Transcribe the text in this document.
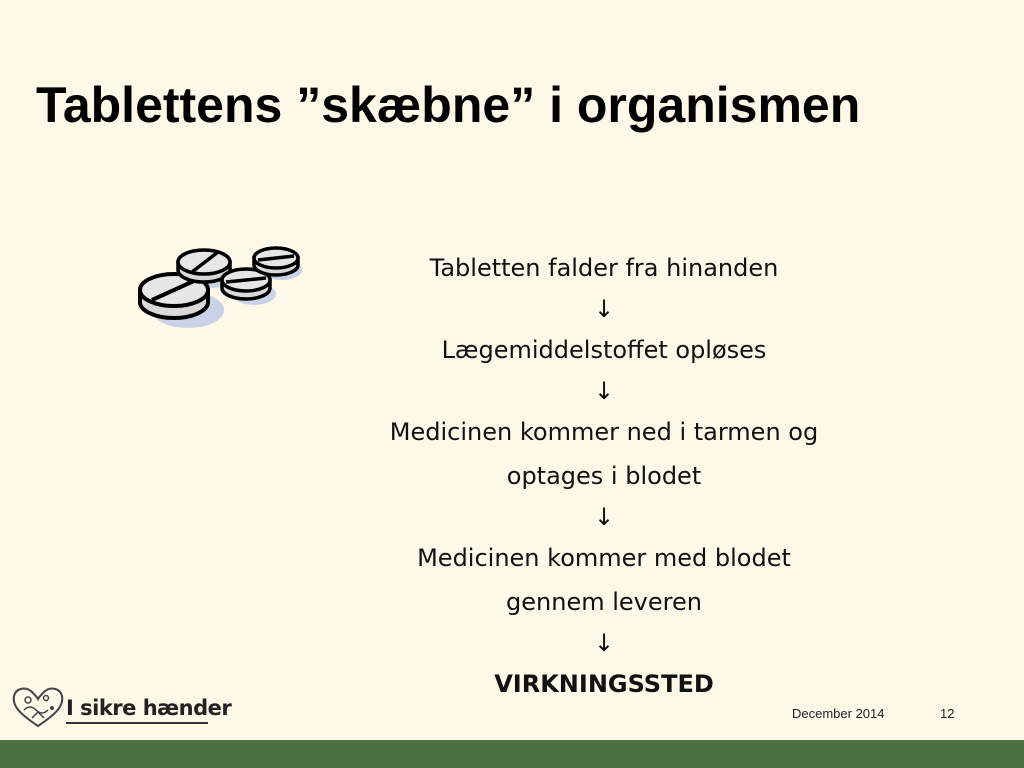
Tablettens ”skæbne” i organismen
Tabletten falder fra hinanden
↓
Lægemiddelstoffet opløses
↓
Medicinen kommer ned i tarmen og
optages i blodet
↓
Medicinen kommer med blodet
gennem leveren
↓
VIRKNINGSSTED
I sikre hænder	December 2014	12
